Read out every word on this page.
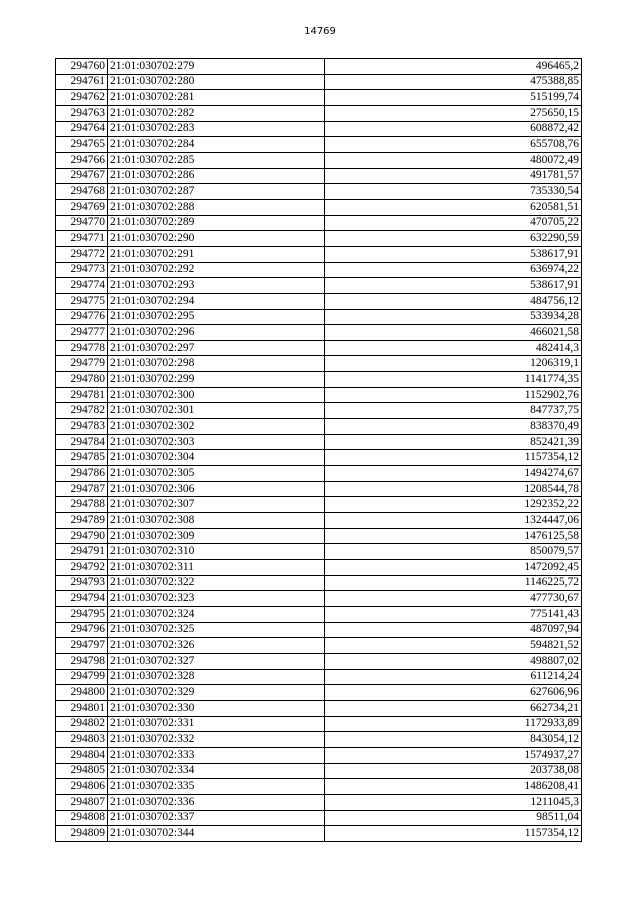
14769
294760	21:01:030702:279	496465,2
294761	21:01:030702:280	475388,85
294762	21:01:030702:281	515199,74
294763	21:01:030702:282	275650,15
294764	21:01:030702:283	608872,42
294765	21:01:030702:284	655708,76
294766	21:01:030702:285	480072,49
294767	21:01:030702:286	491781,57
294768	21:01:030702:287	735330,54
294769	21:01:030702:288	620581,51
294770	21:01:030702:289	470705,22
294771	21:01:030702:290	632290,59
294772	21:01:030702:291	538617,91
294773	21:01:030702:292	636974,22
294774	21:01:030702:293	538617,91
294775	21:01:030702:294	484756,12
294776	21:01:030702:295	533934,28
294777	21:01:030702:296	466021,58
294778	21:01:030702:297	482414,3
294779	21:01:030702:298	1206319,1
294780	21:01:030702:299	1141774,35
294781	21:01:030702:300	1152902,76
294782	21:01:030702:301	847737,75
294783	21:01:030702:302	838370,49
294784	21:01:030702:303	852421,39
294785	21:01:030702:304	1157354,12
294786	21:01:030702:305	1494274,67
294787	21:01:030702:306	1208544,78
294788	21:01:030702:307	1292352,22
294789	21:01:030702:308	1324447,06
294790	21:01:030702:309	1476125,58
294791	21:01:030702:310	850079,57
294792	21:01:030702:311	1472092,45
294793	21:01:030702:322	1146225,72
294794	21:01:030702:323	477730,67
294795	21:01:030702:324	775141,43
294796	21:01:030702:325	487097,94
294797	21:01:030702:326	594821,52
294798	21:01:030702:327	498807,02
294799	21:01:030702:328	611214,24
294800	21:01:030702:329	627606,96
294801	21:01:030702:330	662734,21
294802	21:01:030702:331	1172933,89
294803	21:01:030702:332	843054,12
294804	21:01:030702:333	1574937,27
294805	21:01:030702:334	203738,08
294806	21:01:030702:335	1486208,41
294807	21:01:030702:336	1211045,3
294808	21:01:030702:337	98511,04
294809	21:01:030702:344	1157354,12
